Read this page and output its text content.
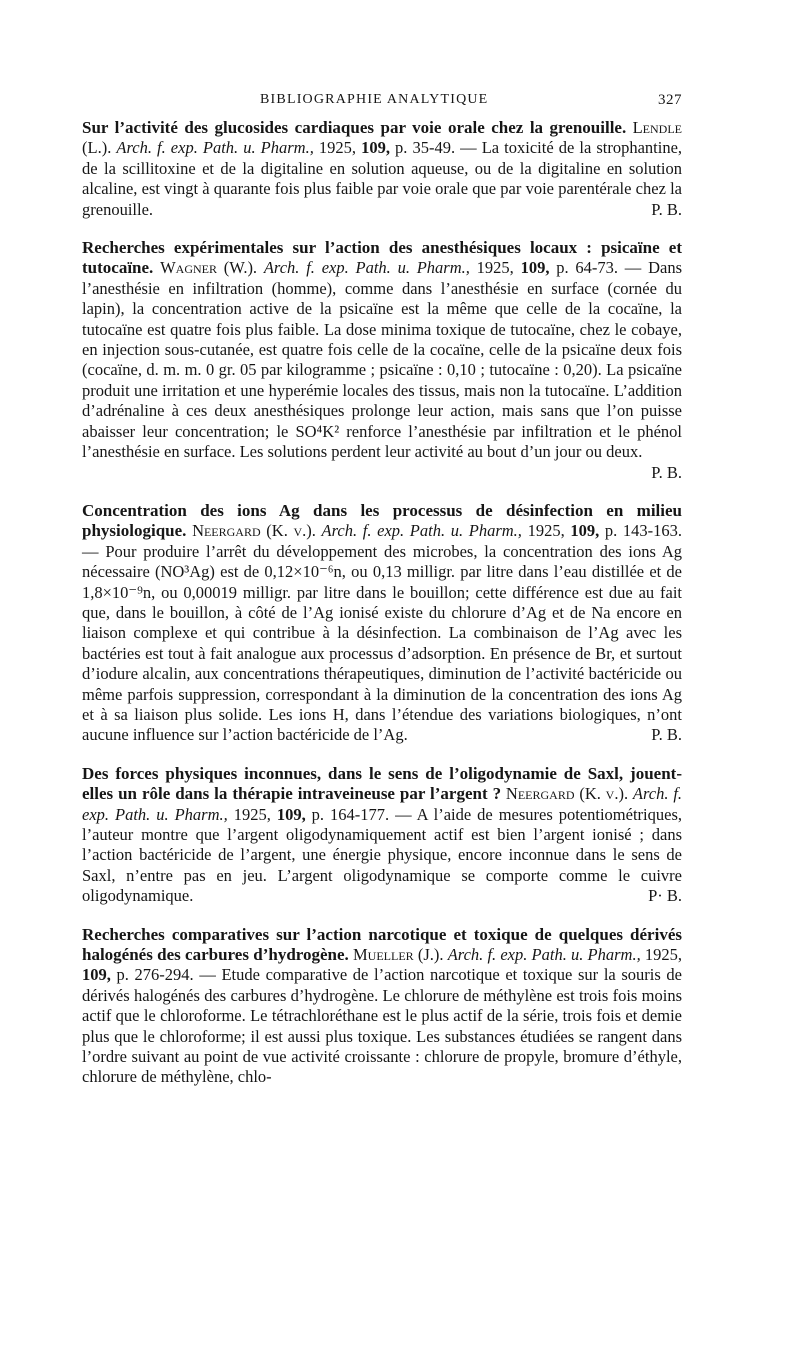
BIBLIOGRAPHIE ANALYTIQUE	327

Sur l’activité des glucosides cardiaques par voie orale chez la grenouille. Lendle (L.). Arch. f. exp. Path. u. Pharm., 1925, 109, p. 35-49. — La toxicité de la strophantine, de la scillitoxine et de la digitaline en solution aqueuse, ou de la digitaline en solution alcaline, est vingt à quarante fois plus faible par voie orale que par voie parentérale chez la grenouille.	P. B.

Recherches expérimentales sur l’action des anesthésiques locaux : psicaïne et tutocaïne. Wagner (W.). Arch. f. exp. Path. u. Pharm., 1925, 109, p. 64-73. — Dans l’anesthésie en infiltration (homme), comme dans l’anesthésie en surface (cornée du lapin), la concentration active de la psicaïne est la même que celle de la cocaïne, la tutocaïne est quatre fois plus faible. La dose minima toxique de tutocaïne, chez le cobaye, en injection sous-cutanée, est quatre fois celle de la cocaïne, celle de la psicaïne deux fois (cocaïne, d. m. m. 0 gr. 05 par kilogramme ; psicaïne : 0,10 ; tutocaïne : 0,20). La psicaïne produit une irritation et une hyperémie locales des tissus, mais non la tutocaïne. L’addition d’adrénaline à ces deux anesthésiques prolonge leur action, mais sans que l’on puisse abaisser leur concentration; le SO⁴K² renforce l’anesthésie par infiltration et le phénol l’anesthésie en surface. Les solutions perdent leur activité au bout d’un jour ou deux.
P. B.

Concentration des ions Ag dans les processus de désinfection en milieu physiologique. Neergard (K. v.). Arch. f. exp. Path. u. Pharm., 1925, 109, p. 143-163. — Pour produire l’arrêt du développement des microbes, la concentration des ions Ag nécessaire (NO³Ag) est de 0,12×10⁻⁶n, ou 0,13 milligr. par litre dans l’eau distillée et de 1,8×10⁻⁹n, ou 0,00019 milligr. par litre dans le bouillon; cette différence est due au fait que, dans le bouillon, à côté de l’Ag ionisé existe du chlorure d’Ag et de Na encore en liaison complexe et qui contribue à la désinfection. La combinaison de l’Ag avec les bactéries est tout à fait analogue aux processus d’adsorption. En présence de Br, et surtout d’iodure alcalin, aux concentrations thérapeutiques, diminution de l’activité bactéricide ou même parfois suppression, correspondant à la diminution de la concentration des ions Ag et à sa liaison plus solide. Les ions H, dans l’étendue des variations biologiques, n’ont aucune influence sur l’action bactéricide de l’Ag.	P. B.

Des forces physiques inconnues, dans le sens de l’oligodynamie de Saxl, jouent-elles un rôle dans la thérapie intraveineuse par l’argent ? Neergard (K. v.). Arch. f. exp. Path. u. Pharm., 1925, 109, p. 164-177. — A l’aide de mesures potentiométriques, l’auteur montre que l’argent oligodynamiquement actif est bien l’argent ionisé ; dans l’action bactéricide de l’argent, une énergie physique, encore inconnue dans le sens de Saxl, n’entre pas en jeu. L’argent oligodynamique se comporte comme le cuivre oligodynamique.	P· B.

Recherches comparatives sur l’action narcotique et toxique de quelques dérivés halogénés des carbures d’hydrogène. Mueller (J.). Arch. f. exp. Path. u. Pharm., 1925, 109, p. 276-294. — Etude comparative de l’action narcotique et toxique sur la souris de dérivés halogénés des carbures d’hydrogène. Le chlorure de méthylène est trois fois moins actif que le chloroforme. Le tétrachloréthane est le plus actif de la série, trois fois et demie plus que le chloroforme; il est aussi plus toxique. Les substances étudiées se rangent dans l’ordre suivant au point de vue activité croissante : chlorure de propyle, bromure d’éthyle, chlorure de méthylène, chlo-
